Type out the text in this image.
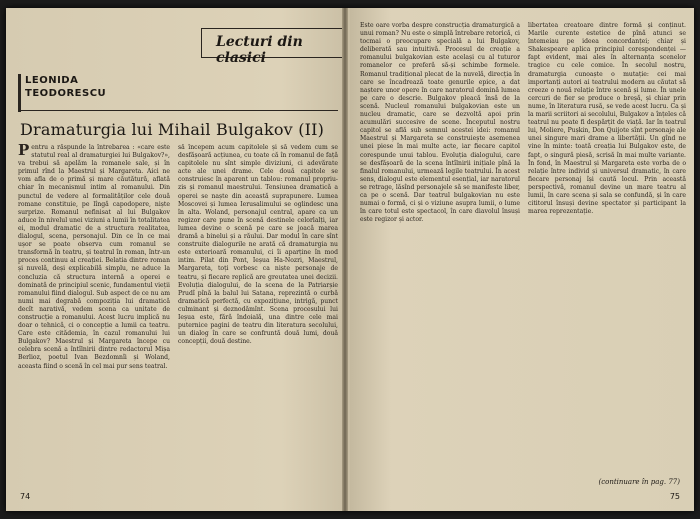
Lecturi din clasici
LEONIDA
TEODORESCU
Dramaturgia lui Mihail Bulgakov (II)
Pentru a răspunde la întrebarea : «care este statutul real al dramaturgiei lui Bulgakov?», va trebui să apelăm la romanele sale, și în primul rînd la Maestrul și Margareta. Aici ne vom afla de o primă și mare căutătură, aflată chiar în mecanismul intim al romanului. Din punctul de vedere al formalităților cele două romane constituie, pe lîngă capodopere, niște surprize. Romanul nefinisat al lui Bulgakov aduce în nivelul unei viziuni a lumii în totalitatea ei, modul dramatic de a structura realitatea, dialogul, scena, personajul. Din ce în ce mai ușor se poate observa cum romanul se transformă în teatru, și teatrul în roman, într-un proces continuu al creației. Belatia dintre roman și nuvelă, deși explicabilă simplu, ne aduce la concluzia că structura internă a operei e dominată de principiul scenic, fundamentul vieții romanului fiind dialogul. Sub aspect de ce nu am numi mai degrabă compoziția lui dramatică decît narativă, vedem scena ca unitate de construcție a romanului. Acest lucru implică nu doar o tehnică, ci o concepție a lumii ca teatru. Care este citădemia, în cazul romanului lui Bulgakov? Maestrul și Margareta începe cu celebra scenă a întîlnirii dintre redactorul Mișa Berlioz, poetul Ivan Bezdomnîi și Woland, aceasta fiind o scenă în cel mai pur sens teatral.
să începem acum capitolele și să vedem cum se desfășoară acțiunea, cu toate că în romanul de față capitolele nu sînt simple diviziuni, ci adevărate acte ale unei drame. Cele două capitole se construiesc în aparent un tablou: romanul propriu-zis și romanul maestrului. Tensiunea dramatică a operei se naște din această suprapunere. Lumea Moscovei și lumea Ierusalimului se oglindesc una în alta. Woland, personajul central, apare ca un regizor care pune în scenă destinele celorlalți, iar lumea devine o scenă pe care se joacă marea dramă a binelui și a răului. Dar modul în care sînt construite dialogurile ne arată că dramaturgia nu este exterioară romanului, ci îi aparține în mod intim. Pilat din Pont, Ieșua Ha-Nozri, Maestrul, Margareta, toți vorbesc ca niște personaje de teatru, și fiecare replică are greutatea unei decizii. Evoluția dialogului, de la scena de la Patriarșie Prudî pînă la balul lui Satana, reprezintă o curbă dramatică perfectă, cu expozițiune, intrigă, punct culminant și deznodămînt. Scena procesului lui Ieșua este, fără îndoială, una dintre cele mai puternice pagini de teatru din literatura secolului, un dialog în care se confruntă două lumi, două concepții, două destine.
74
Este oare vorba despre construcția dramaturgică a unui roman? Nu este o simplă întrebare retorică, ci tocmai o preocupare specială a lui Bulgakov, deliberată sau intuitivă. Procesul de creație a romanului bulgakovian este același cu al tuturor romanelor ce preferă să-și schimbe formele. Romanul tradițional plecat de la nuvelă, direcția în care se încadrează toate genurile epice, a dat naștere unor opere în care naratorul domină lumea pe care o descrie. Bulgakov pleacă însă de la scenă. Nucleul romanului bulgakovian este un nucleu dramatic, care se dezvoltă apoi prin acumulări succesive de scene. Începutul nostru capitol se află sub semnul acestei idei: romanul Maestrul și Margareta se construiește asemenea unei piese în mai multe acte, iar fiecare capitol corespunde unui tablou. Evoluția dialogului, care se desfășoară de la scena întîlnirii inițiale pînă la finalul romanului, urmează legile teatrului. În acest sens, dialogul este elementul esențial, iar naratorul se retrage, lăsînd personajele să se manifeste liber, ca pe o scenă. Dar teatrul bulgakovian nu este numai o formă, ci și o viziune asupra lumii, o lume în care totul este spectacol, în care diavolul însuși este regizor și actor.
libertatea creatoare dintre formă și conținut. Marile curente estetice de pînă atunci se întemeiau pe ideea concordanței; chiar și Shakespeare aplica principiul corespondenței — fapt evident, mai ales în alternanța scenelor tragice cu cele comice. În secolul nostru, dramaturgia cunoaște o mutație: cei mai importanți autori ai teatrului modern au căutat să creeze o nouă relație între scenă și lume. În unele cercuri de fier se produce o breșă, și chiar prin nume, în literatura rusă, se vede acest lucru. Ca și la marii scriitori ai secolului, Bulgakov a înțeles că teatrul nu poate fi despărțit de viață. Iar în teatrul lui, Moliere, Pușkin, Don Quijote sînt personaje ale unei singure mari drame a libertății. Un gînd ne vine în minte: toată creația lui Bulgakov este, de fapt, o singură piesă, scrisă în mai multe variante. În fond, în Maestrul și Margareta este vorba de o relație între individ și universul dramatic, în care fiecare personaj își caută locul. Prin această perspectivă, romanul devine un mare teatru al lumii, în care scena și sala se confundă, și în care cititorul însuși devine spectator și participant la marea reprezentație.
(continuare în pag. 77)
75
